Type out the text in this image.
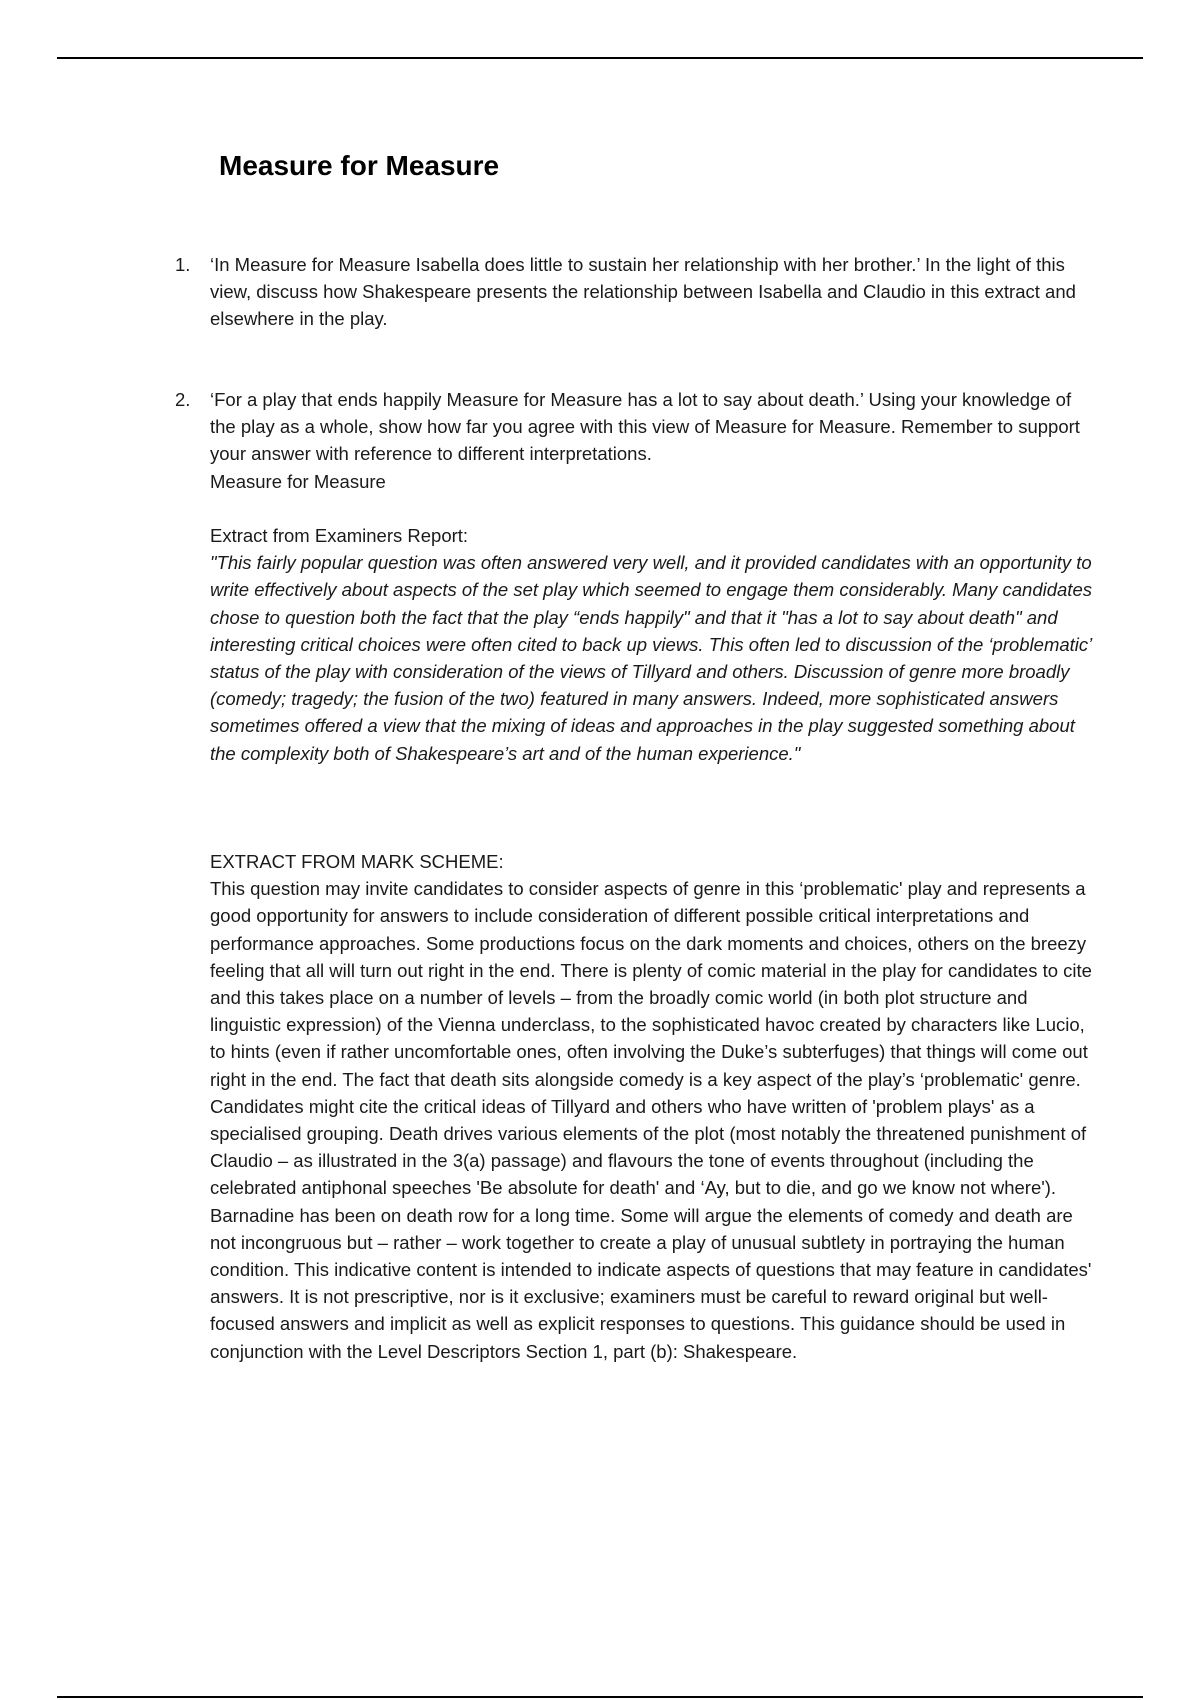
Measure for Measure
1. ‘In Measure for Measure Isabella does little to sustain her relationship with her brother.’ In the light of this view, discuss how Shakespeare presents the relationship between Isabella and Claudio in this extract and elsewhere in the play.
2. ‘For a play that ends happily Measure for Measure has a lot to say about death.’ Using your knowledge of the play as a whole, show how far you agree with this view of Measure for Measure. Remember to support your answer with reference to different interpretations.
Measure for Measure

Extract from Examiners Report:

"This fairly popular question was often answered very well, and it provided candidates with an opportunity to write effectively about aspects of the set play which seemed to engage them considerably. Many candidates chose to question both the fact that the play “ends happily" and that it "has a lot to say about death" and interesting critical choices were often cited to back up views. This often led to discussion of the ‘problematic’ status of the play with consideration of the views of Tillyard and others. Discussion of genre more broadly (comedy; tragedy; the fusion of the two) featured in many answers. Indeed, more sophisticated answers sometimes offered a view that the mixing of ideas and approaches in the play suggested something about the complexity both of Shakespeare’s art and of the human experience."

EXTRACT FROM MARK SCHEME:

This question may invite candidates to consider aspects of genre in this ‘problematic' play and represents a good opportunity for answers to include consideration of different possible critical interpretations and performance approaches. Some productions focus on the dark moments and choices, others on the breezy feeling that all will turn out right in the end. There is plenty of comic material in the play for candidates to cite and this takes place on a number of levels – from the broadly comic world (in both plot structure and linguistic expression) of the Vienna underclass, to the sophisticated havoc created by characters like Lucio, to hints (even if rather uncomfortable ones, often involving the Duke’s subterfuges) that things will come out right in the end. The fact that death sits alongside comedy is a key aspect of the play’s ‘problematic' genre. Candidates might cite the critical ideas of Tillyard and others who have written of 'problem plays' as a specialised grouping. Death drives various elements of the plot (most notably the threatened punishment of Claudio – as illustrated in the 3(a) passage) and flavours the tone of events throughout (including the celebrated antiphonal speeches 'Be absolute for death' and ‘Ay, but to die, and go we know not where'). Barnadine has been on death row for a long time. Some will argue the elements of comedy and death are not incongruous but – rather – work together to create a play of unusual subtlety in portraying the human condition. This indicative content is intended to indicate aspects of questions that may feature in candidates' answers. It is not prescriptive, nor is it exclusive; examiners must be careful to reward original but well-focused answers and implicit as well as explicit responses to questions. This guidance should be used in conjunction with the Level Descriptors Section 1, part (b): Shakespeare.
